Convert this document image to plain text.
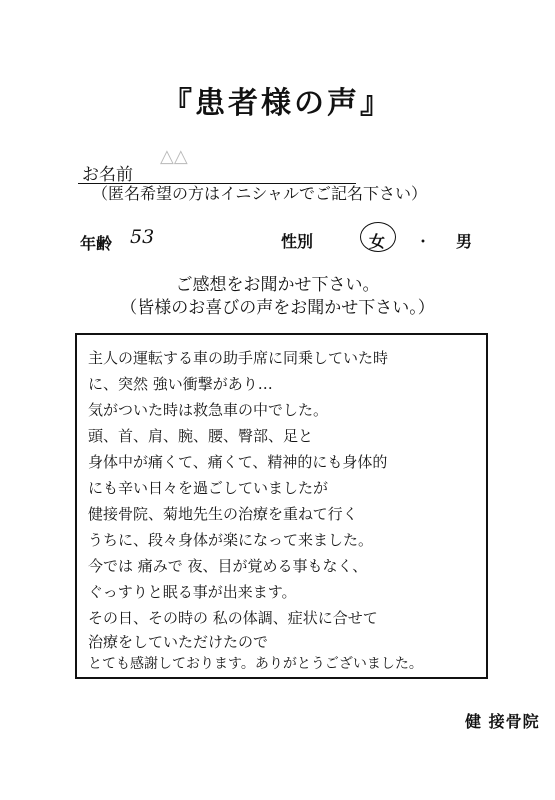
『患者様の声』
お名前
△△
（匿名希望の方はイニシャルでご記名下さい）
年齢 53	性別	女 ・ 男
ご感想をお聞かせ下さい。
（皆様のお喜びの声をお聞かせ下さい。）
主人の運転する車の助手席に同乗していた時
に、突然 強い衝撃があり…
気がついた時は救急車の中でした。
頭、首、肩、腕、腰、臀部、足と
身体中が痛くて、痛くて、精神的にも身体的
にも辛い日々を過ごしていましたが
健接骨院、菊地先生の治療を重ねて行く
うちに、段々身体が楽になって来ました。
今では 痛みで 夜、目が覚める事もなく、
ぐっすりと眠る事が出来ます。
その日、その時の 私の体調、症状に合せて
治療をしていただけたので
とても感謝しております。ありがとうございました。
健 接骨院
